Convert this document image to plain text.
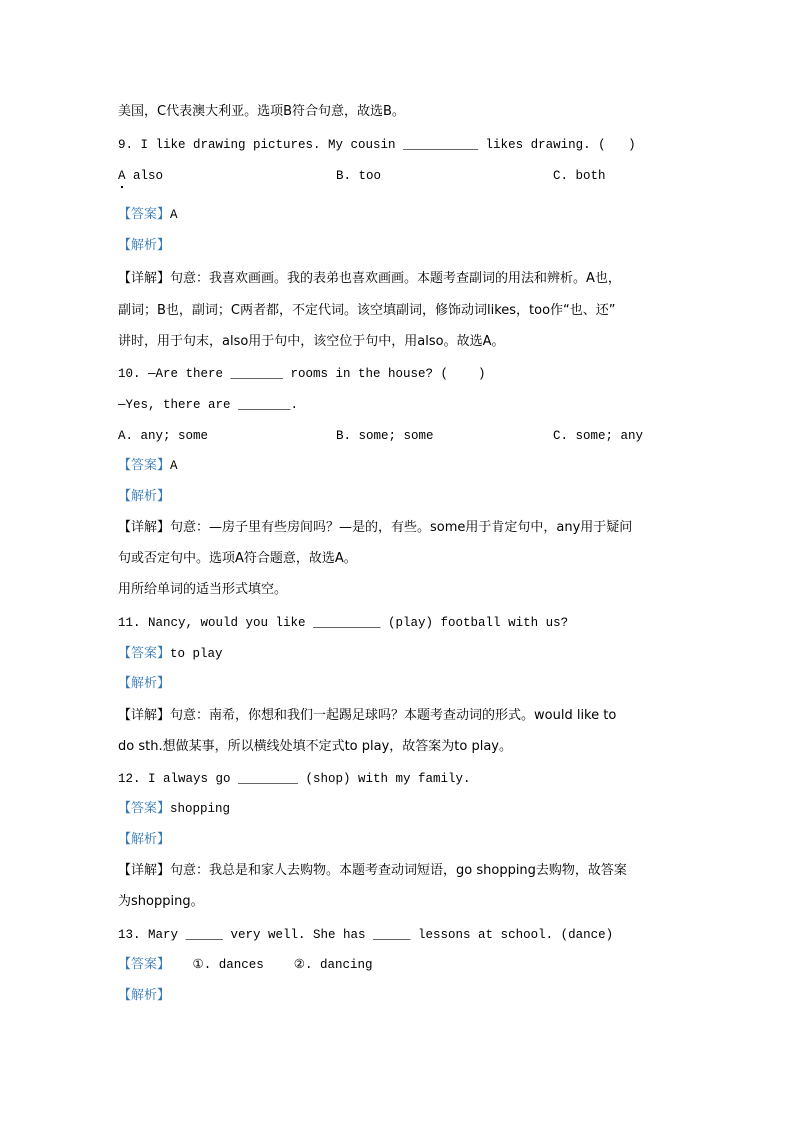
美国，C代表澳大利亚。选项B符合句意，故选B。
9. I like drawing pictures. My cousin __________ likes drawing. (   )
A also	B. too	C. both
【答案】A
【解析】
【详解】句意：我喜欢画画。我的表弟也喜欢画画。本题考查副词的用法和辨析。A也，
副词；B也，副词；C两者都，不定代词。该空填副词，修饰动词likes，too作“也、还”
讲时，用于句末，also用于句中，该空位于句中，用also。故选A。
10. —Are there _______ rooms in the house? (    )
—Yes, there are _______.
A. any; some	B. some; some	C. some; any
【答案】A
【解析】
【详解】句意：—房子里有些房间吗？—是的，有些。some用于肯定句中，any用于疑问
句或否定句中。选项A符合题意，故选A。
用所给单词的适当形式填空。
11. Nancy, would you like _________ (play) football with us?
【答案】to play
【解析】
【详解】句意：南希，你想和我们一起踢足球吗？本题考查动词的形式。would like to
do sth.想做某事，所以横线处填不定式to play，故答案为to play。
12. I always go ________ (shop) with my family.
【答案】shopping
【解析】
【详解】句意：我总是和家人去购物。本题考查动词短语，go shopping去购物，故答案
为shopping。
13. Mary _____ very well. She has _____ lessons at school. (dance)
【答案】   ①. dances    ②. dancing
【解析】
